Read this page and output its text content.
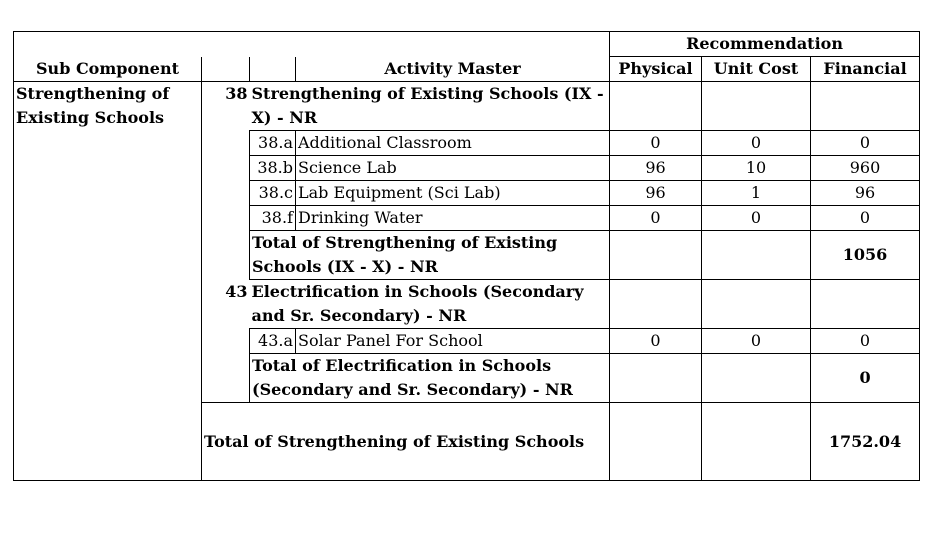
				Recommendation		
Sub Component			Activity Master	Physical	Unit Cost	Financial
Strengthening of Existing Schools	38	Strengthening of Existing Schools (IX - X) - NR				
		38.a	Additional Classroom	0	0	0
		38.b	Science Lab	96	10	960
		38.c	Lab Equipment (Sci Lab)	96	1	96
		38.f	Drinking Water	0	0	0
		Total of Strengthening of Existing Schools (IX - X) - NR				1056
	43	Electrification in Schools (Secondary and Sr. Secondary) - NR				
		43.a	Solar Panel For School	0	0	0
		Total of Electrification in Schools (Secondary and Sr. Secondary) - NR				0
	Total of Strengthening of Existing Schools					1752.04
